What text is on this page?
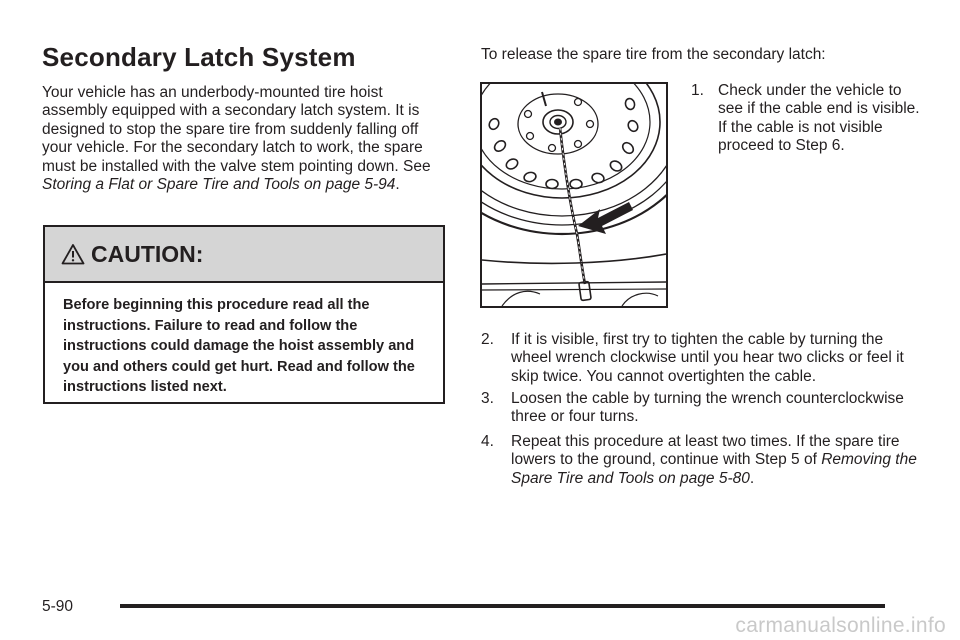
Secondary Latch System

Your vehicle has an underbody-mounted tire hoist assembly equipped with a secondary latch system. It is designed to stop the spare tire from suddenly falling off your vehicle. For the secondary latch to work, the spare must be installed with the valve stem pointing down. See Storing a Flat or Spare Tire and Tools on page 5-94.

CAUTION:
Before beginning this procedure read all the instructions. Failure to read and follow the instructions could damage the hoist assembly and you and others could get hurt. Read and follow the instructions listed next.

To release the spare tire from the secondary latch:

1. Check under the vehicle to see if the cable end is visible. If the cable is not visible proceed to Step 6.
2.	If it is visible, first try to tighten the cable by turning the wheel wrench clockwise until you hear two clicks or feel it skip twice. You cannot overtighten the cable.
3.	Loosen the cable by turning the wrench counterclockwise three or four turns.
4.	Repeat this procedure at least two times. If the spare tire lowers to the ground, continue with Step 5 of Removing the Spare Tire and Tools on page 5-80.
5-90
carmanualsonline.info
